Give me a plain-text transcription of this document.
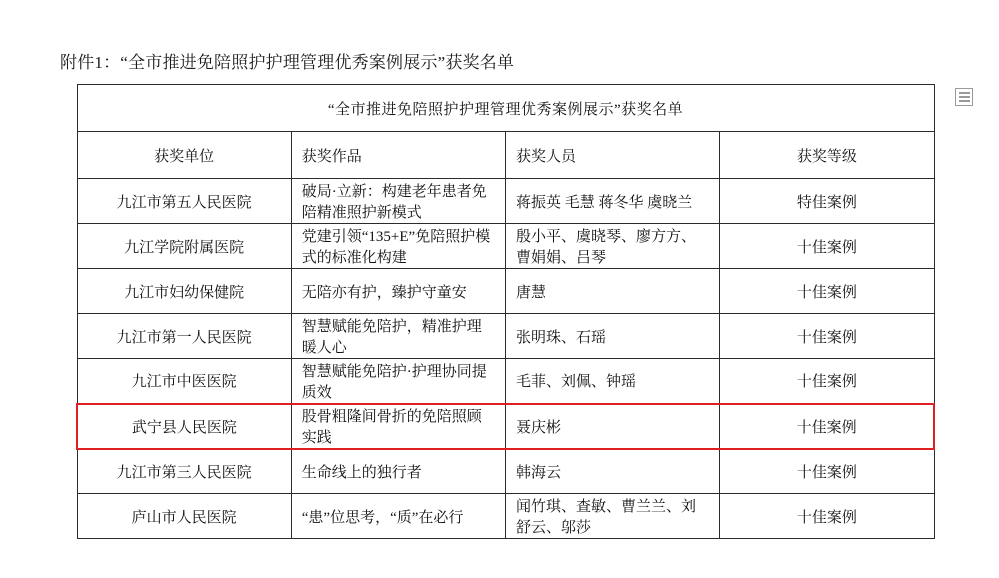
附件1：“全市推进免陪照护护理管理优秀案例展示”获奖名单
“全市推进免陪照护护理管理优秀案例展示”获奖名单			
获奖单位	获奖作品	获奖人员	获奖等级
九江市第五人民医院	破局·立新：构建老年患者免陪精准照护新模式	蒋振英 毛慧 蒋冬华 虞晓兰	特佳案例
九江学院附属医院	党建引领“135+E”免陪照护模式的标准化构建	殷小平、虞晓琴、廖方方、曹娟娟、吕琴	十佳案例
九江市妇幼保健院	无陪亦有护，臻护守童安	唐慧	十佳案例
九江市第一人民医院	智慧赋能免陪护，精准护理暖人心	张明珠、石瑶	十佳案例
九江市中医医院	智慧赋能免陪护·护理协同提质效	毛菲、刘佩、钟瑶	十佳案例
武宁县人民医院	股骨粗隆间骨折的免陪照顾实践	聂庆彬	十佳案例
九江市第三人民医院	生命线上的独行者	韩海云	十佳案例
庐山市人民医院	“患”位思考，“质”在必行	闻竹琪、查敏、曹兰兰、刘舒云、邬莎	十佳案例
